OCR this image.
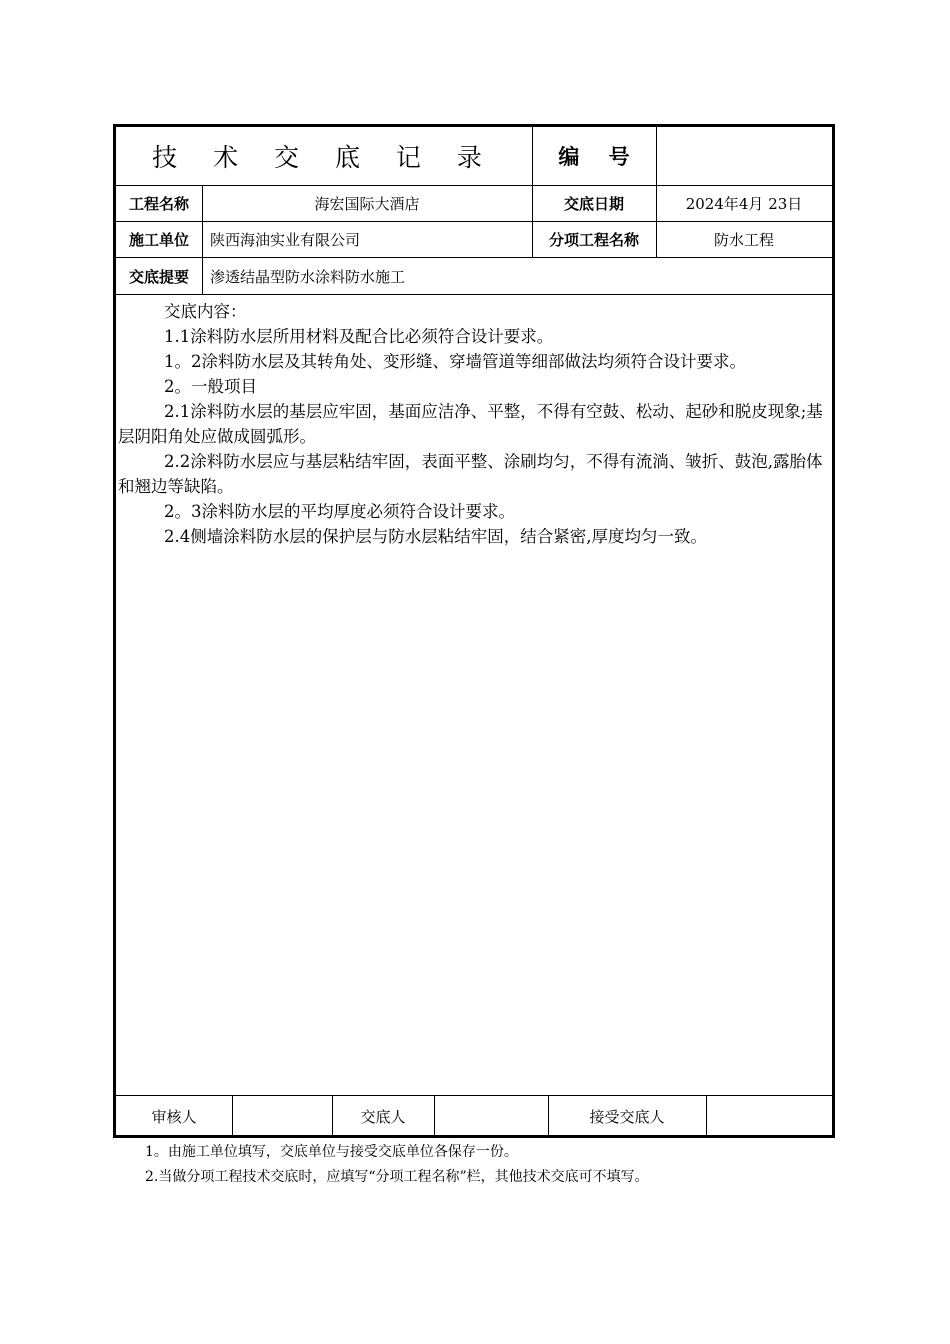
技 术 交 底 记 录	编    号
工程名称	海宏国际大酒店	交底日期	2024年4月 23日
施工单位	陕西海油实业有限公司	分项工程名称	防水工程
交底提要	渗透结晶型防水涂料防水施工

交底内容：

1.1涂料防水层所用材料及配合比必须符合设计要求。

1。2涂料防水层及其转角处、变形缝、穿墙管道等细部做法均须符合设计要求。

2。一般项目

2.1涂料防水层的基层应牢固，基面应洁净、平整，不得有空鼓、松动、起砂和脱皮现象;基层阴阳角处应做成圆弧形。

2.2涂料防水层应与基层粘结牢固，表面平整、涂刷均匀，不得有流淌、皱折、鼓泡,露胎体和翘边等缺陷。

2。3涂料防水层的平均厚度必须符合设计要求。

2.4侧墙涂料防水层的保护层与防水层粘结牢固，结合紧密,厚度均匀一致。

审核人	交底人	接受交底人
1。由施工单位填写，交底单位与接受交底单位各保存一份。
2.当做分项工程技术交底时，应填写“分项工程名称”栏，其他技术交底可不填写。
